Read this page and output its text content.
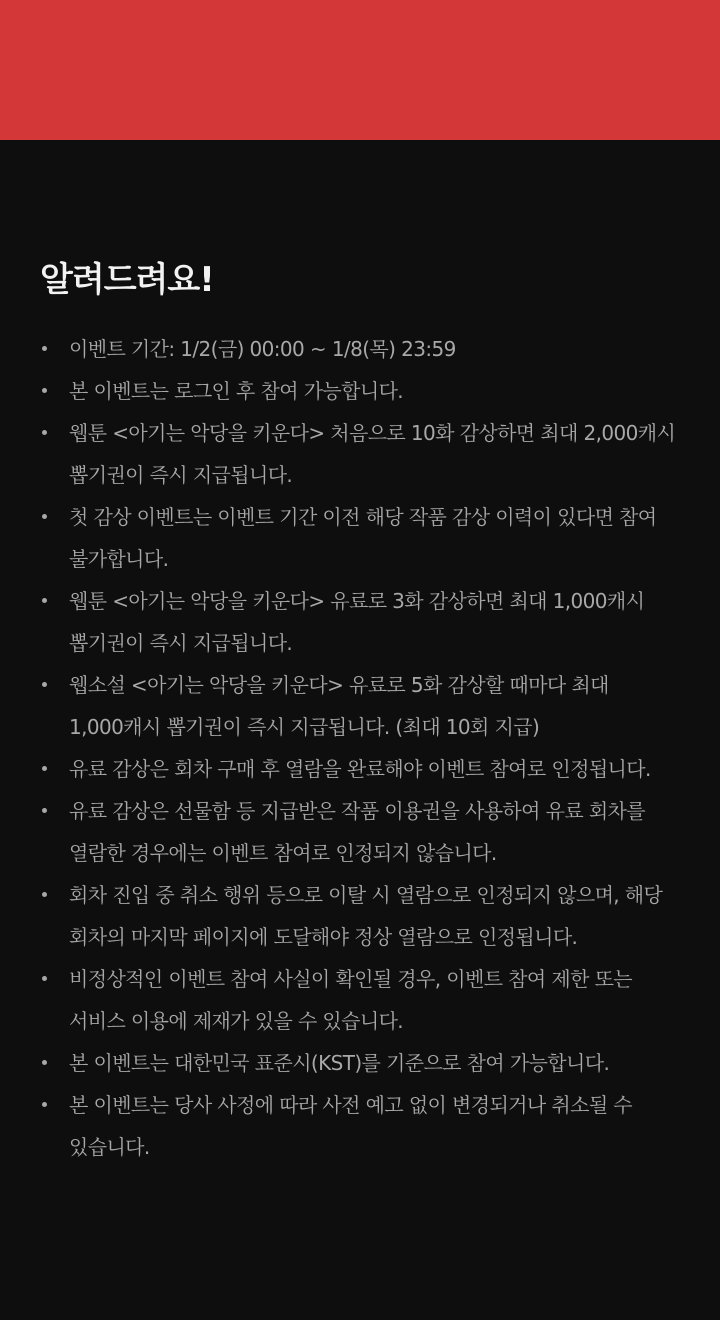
알려드려요!
이벤트 기간: 1/2(금) 00:00 ~ 1/8(목) 23:59
본 이벤트는 로그인 후 참여 가능합니다.
웹툰 <아기는 악당을 키운다> 처음으로 10화 감상하면 최대 2,000캐시 뽑기권이 즉시 지급됩니다.
첫 감상 이벤트는 이벤트 기간 이전 해당 작품 감상 이력이 있다면 참여 불가합니다.
웹툰 <아기는 악당을 키운다> 유료로 3화 감상하면 최대 1,000캐시 뽑기권이 즉시 지급됩니다.
웹소설 <아기는 악당을 키운다> 유료로 5화 감상할 때마다 최대 1,000캐시 뽑기권이 즉시 지급됩니다. (최대 10회 지급)
유료 감상은 회차 구매 후 열람을 완료해야 이벤트 참여로 인정됩니다.
유료 감상은 선물함 등 지급받은 작품 이용권을 사용하여 유료 회차를 열람한 경우에는 이벤트 참여로 인정되지 않습니다.
회차 진입 중 취소 행위 등으로 이탈 시 열람으로 인정되지 않으며, 해당 회차의 마지막 페이지에 도달해야 정상 열람으로 인정됩니다.
비정상적인 이벤트 참여 사실이 확인될 경우, 이벤트 참여 제한 또는 서비스 이용에 제재가 있을 수 있습니다.
본 이벤트는 대한민국 표준시(KST)를 기준으로 참여 가능합니다.
본 이벤트는 당사 사정에 따라 사전 예고 없이 변경되거나 취소될 수 있습니다.
